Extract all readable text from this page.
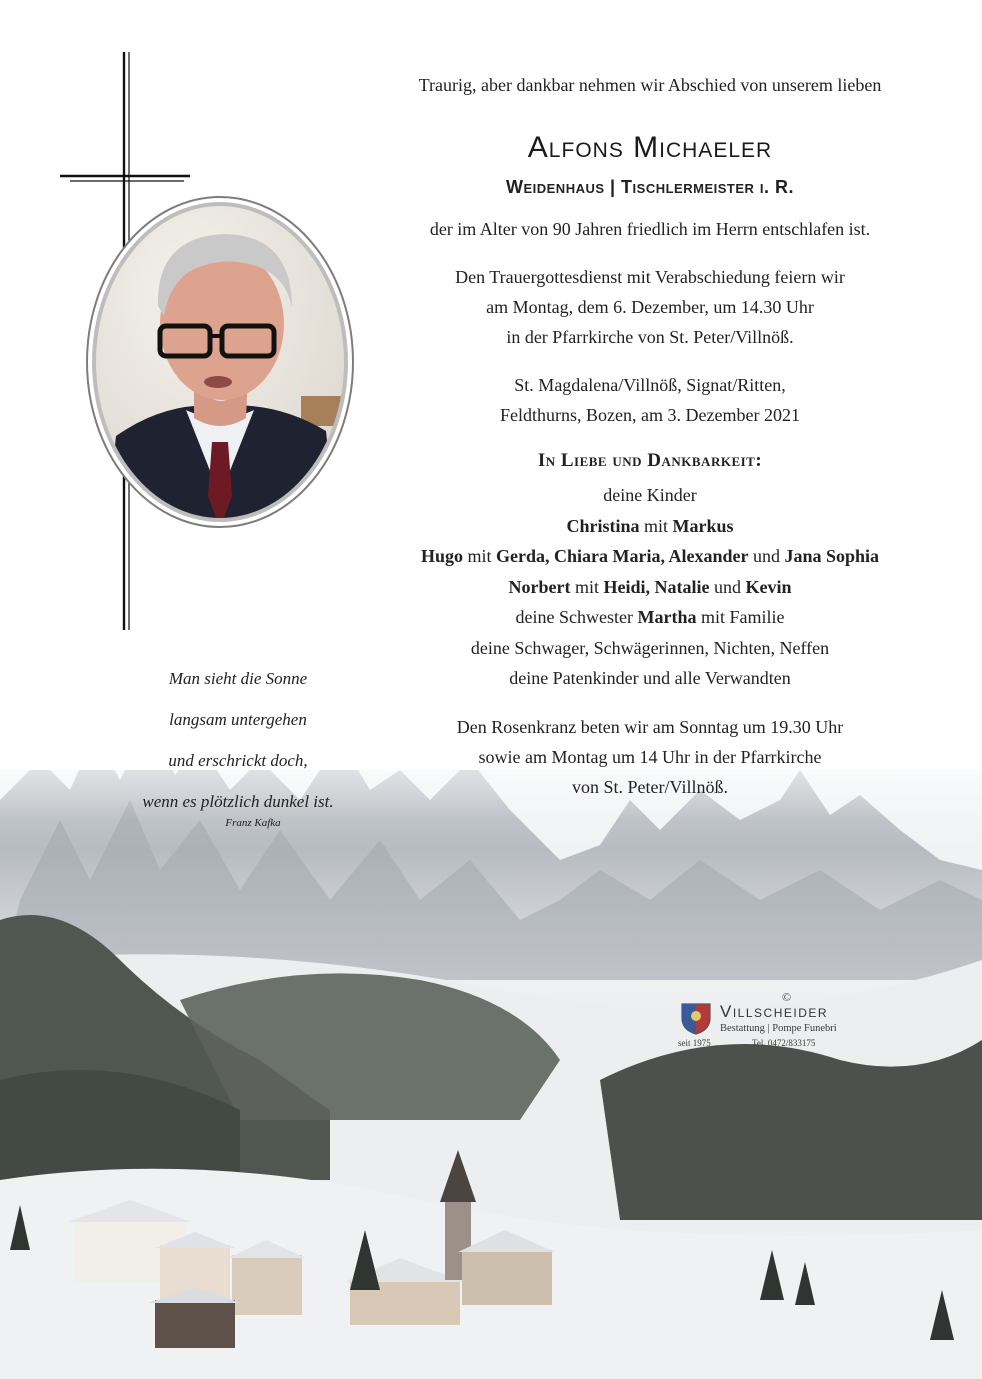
Man sieht die Sonne
langsam untergehen
und erschrickt doch,
wenn es plötzlich dunkel ist.
Franz Kafka

Traurig, aber dankbar nehmen wir Abschied von unserem lieben

Alfons Michaeler

Weidenhaus | Tischlermeister i. R.

der im Alter von 90 Jahren friedlich im Herrn entschlafen ist.

Den Trauergottesdienst mit Verabschiedung feiern wir
am Montag, dem 6. Dezember, um 14.30 Uhr
in der Pfarrkirche von St. Peter/Villnöß.
St. Magdalena/Villnöß, Signat/Ritten,
Feldthurns, Bozen, am 3. Dezember 2021

In Liebe und Dankbarkeit:

deine Kinder

Christina mit Markus

Hugo mit Gerda, Chiara Maria, Alexander und Jana Sophia

Norbert mit Heidi, Natalie und Kevin

deine Schwester Martha mit Familie

deine Schwager, Schwägerinnen, Nichten, Neffen

deine Patenkinder und alle Verwandten

Den Rosenkranz beten wir am Sonntag um 19.30 Uhr
sowie am Montag um 14 Uhr in der Pfarrkirche
von St. Peter/Villnöß.
©
Villscheider
Bestattung | Pompe Funebri
seit 1975	Tel. 0472/833175
